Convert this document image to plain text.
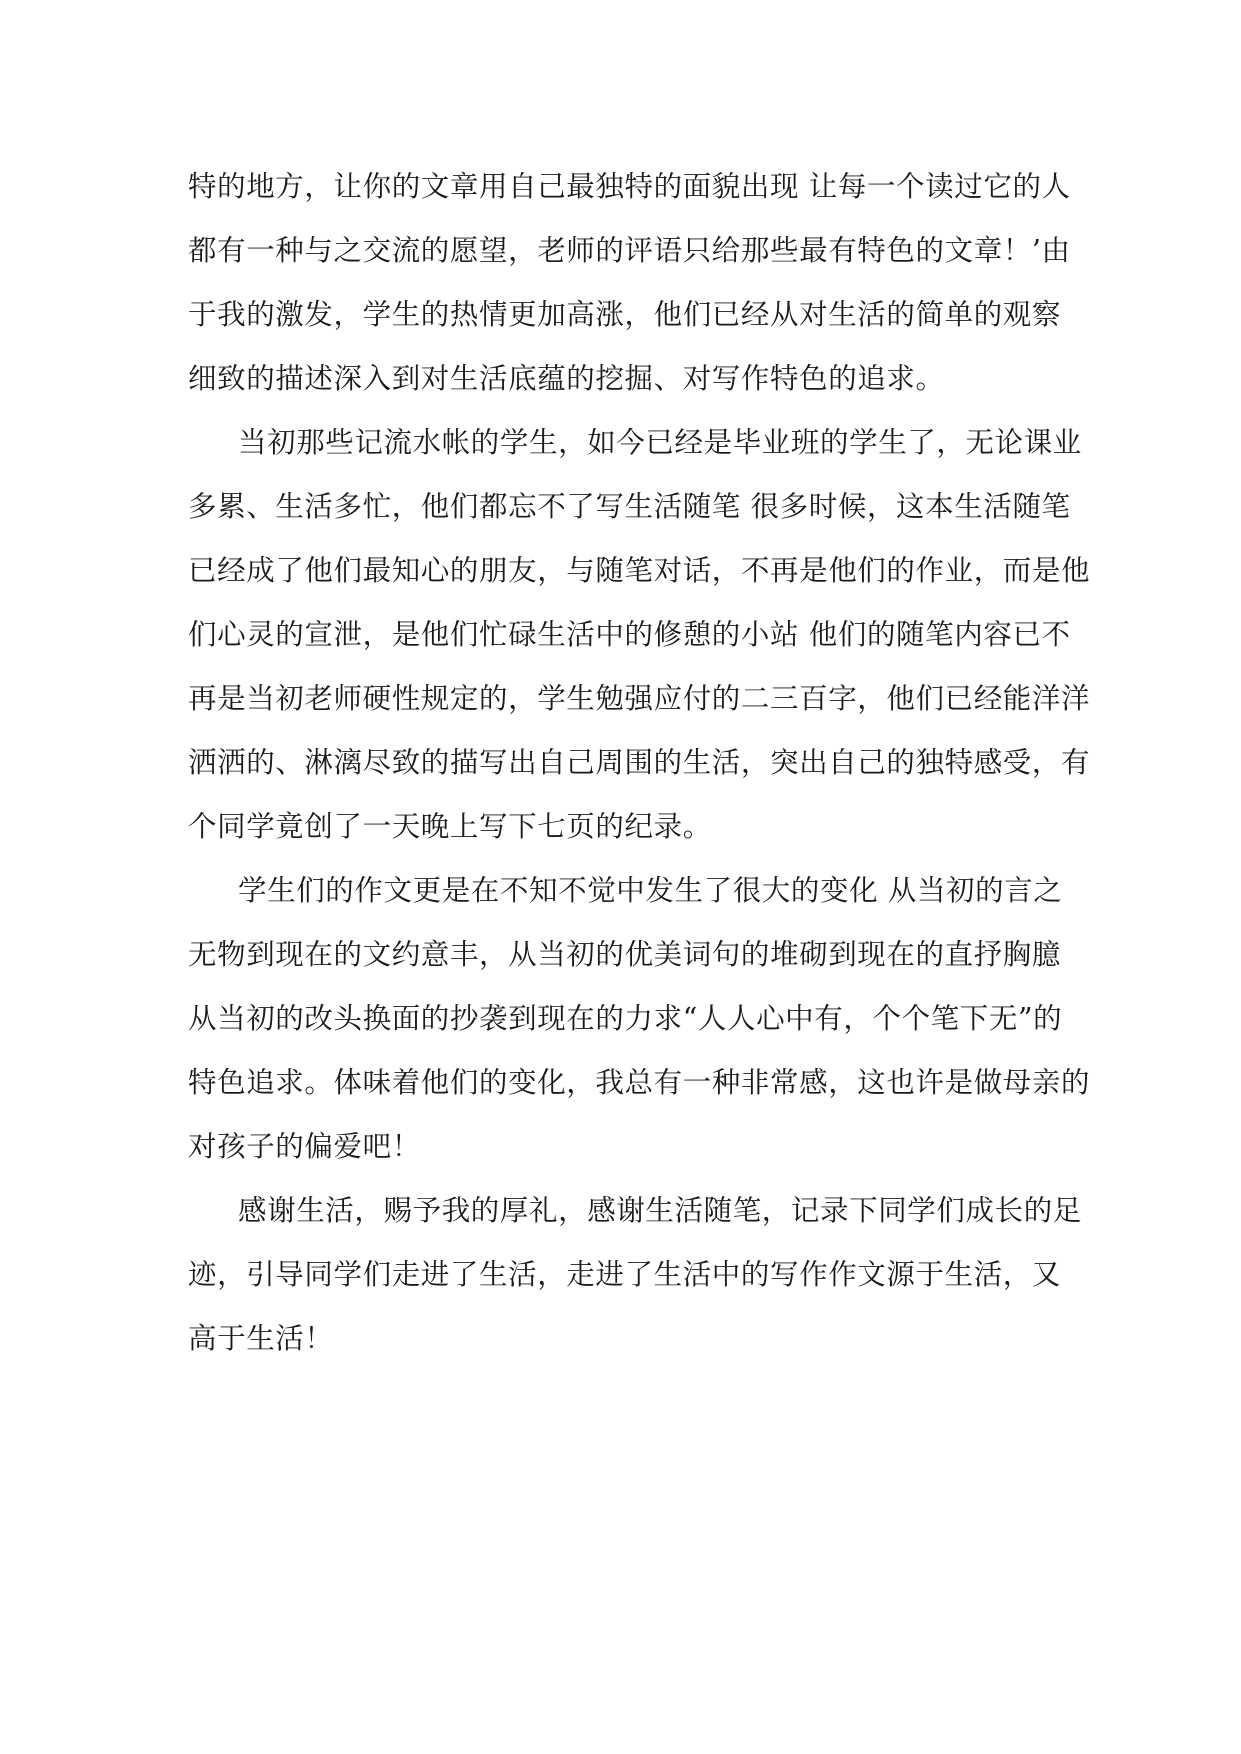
特的地方，让你的文章用自己最独特的面貌出现 让每一个读过它的人
都有一种与之交流的愿望，老师的评语只给那些最有特色的文章！’由
于我的激发，学生的热情更加高涨，他们已经从对生活的简单的观察
细致的描述深入到对生活底蕴的挖掘、对写作特色的追求。
当初那些记流水帐的学生，如今已经是毕业班的学生了，无论课业
多累、生活多忙，他们都忘不了写生活随笔 很多时候，这本生活随笔
已经成了他们最知心的朋友，与随笔对话，不再是他们的作业，而是他
们心灵的宣泄，是他们忙碌生活中的修憩的小站 他们的随笔内容已不
再是当初老师硬性规定的，学生勉强应付的二三百字，他们已经能洋洋
洒洒的、淋漓尽致的描写出自己周围的生活，突出自己的独特感受，有
个同学竟创了一天晚上写下七页的纪录。
学生们的作文更是在不知不觉中发生了很大的变化 从当初的言之
无物到现在的文约意丰，从当初的优美词句的堆砌到现在的直抒胸臆
从当初的改头换面的抄袭到现在的力求“人人心中有，个个笔下无”的
特色追求。体味着他们的变化，我总有一种非常感，这也许是做母亲的
对孩子的偏爱吧！
感谢生活，赐予我的厚礼，感谢生活随笔，记录下同学们成长的足
迹，引导同学们走进了生活，走进了生活中的写作作文源于生活，又
高于生活！
